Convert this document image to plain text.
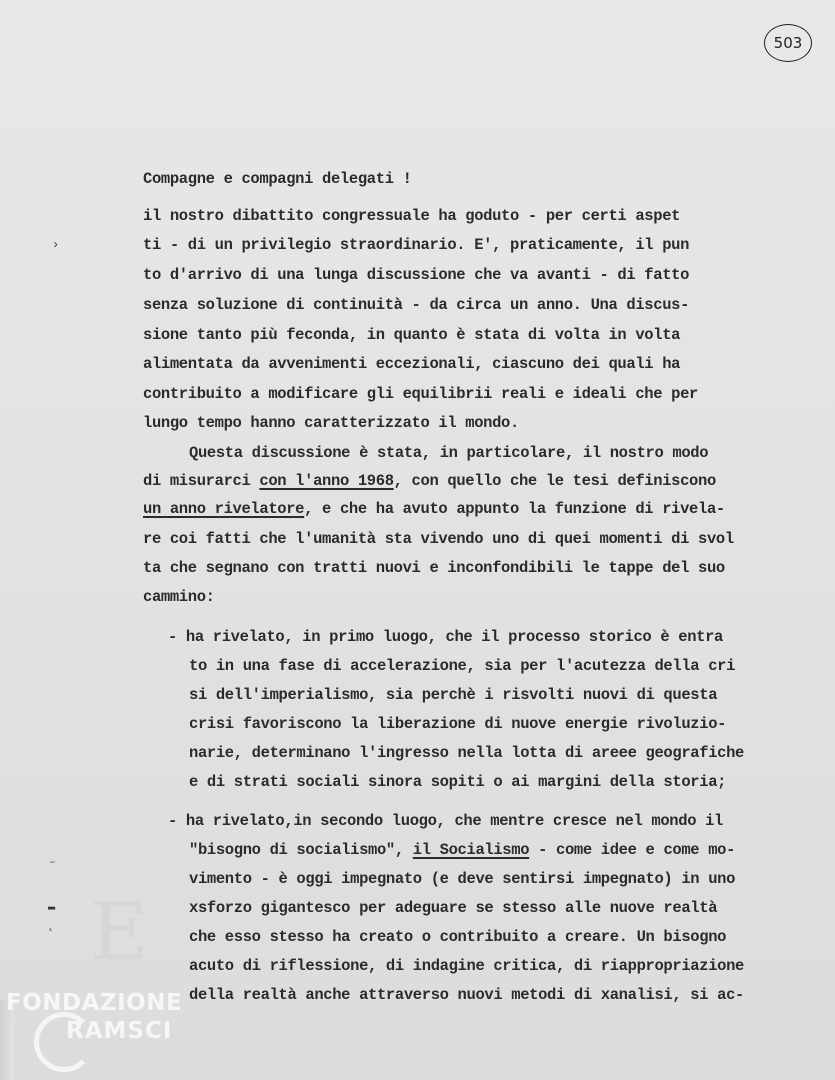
503
E
Compagne e compagni delegati !
il nostro dibattito congressuale ha goduto - per certi aspet
ti - di un privilegio straordinario. E', praticamente, il pun
to d'arrivo di una lunga discussione che va avanti - di fatto
senza soluzione di continuità - da circa un anno. Una discus-
sione tanto più feconda, in quanto è stata di volta in volta
alimentata da avvenimenti eccezionali, ciascuno dei quali ha
contribuito a modificare gli equilibrii reali e ideali che per
lungo tempo hanno caratterizzato il mondo.
Questa discussione è stata, in particolare, il nostro modo
di misurarci con l'anno 1968, con quello che le tesi definiscono
un anno rivelatore, e che ha avuto appunto la funzione di rivela-
re coi fatti che l'umanità sta vivendo uno di quei momenti di svol
ta che segnano con tratti nuovi e inconfondibili le tappe del suo
cammino:
- ha rivelato, in primo luogo, che il processo storico è entra
to in una fase di accelerazione, sia per l'acutezza della cri
si dell'imperialismo, sia perchè i risvolti nuovi di questa
crisi favoriscono la liberazione di nuove energie rivoluzio-
narie, determinano l'ingresso nella lotta di areee geografiche
e di strati sociali sinora sopiti o ai margini della storia;
- ha rivelato,in secondo luogo, che mentre cresce nel mondo il
"bisogno di socialismo", il Socialismo - come idee e come mo-
vimento - è oggi impegnato (e deve sentirsi impegnato) in uno
xsforzo gigantesco per adeguare se stesso alle nuove realtà
che esso stesso ha creato o contribuito a creare. Un bisogno
acuto di riflessione, di indagine critica, di riappropriazione
della realtà anche attraverso nuovi metodi di xanalisi, si ac-
›
˝
▬
˛
FONDAZIONE
RAMSCI
